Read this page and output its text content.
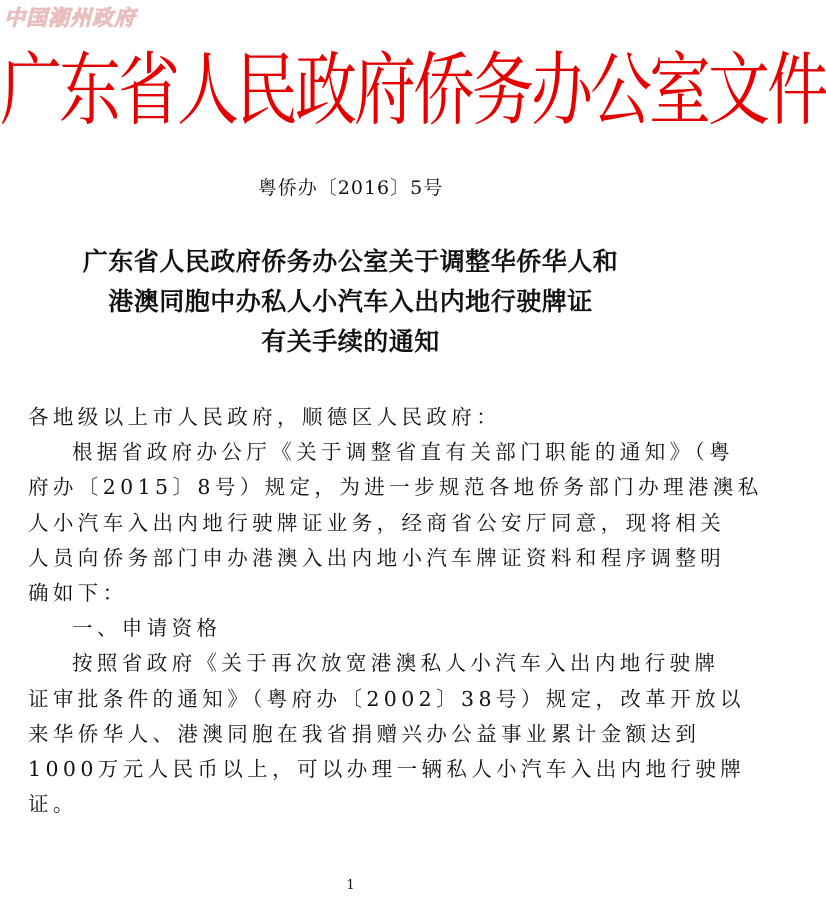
中国潮州政府
广东省人民政府侨务办公室文件
粤侨办〔2016〕5号
广东省人民政府侨务办公室关于调整华侨华人和
港澳同胞中办私人小汽车入出内地行驶牌证
有关手续的通知
各地级以上市人民政府，顺德区人民政府：
根据省政府办公厅《关于调整省直有关部门职能的通知》（粤
府办〔2015〕8号）规定，为进一步规范各地侨务部门办理港澳私
人小汽车入出内地行驶牌证业务，经商省公安厅同意，现将相关
人员向侨务部门申办港澳入出内地小汽车牌证资料和程序调整明
确如下：
一、申请资格
按照省政府《关于再次放宽港澳私人小汽车入出内地行驶牌
证审批条件的通知》（粤府办〔2002〕38号）规定，改革开放以
来华侨华人、港澳同胞在我省捐赠兴办公益事业累计金额达到
1000万元人民币以上，可以办理一辆私人小汽车入出内地行驶牌
证。
1
